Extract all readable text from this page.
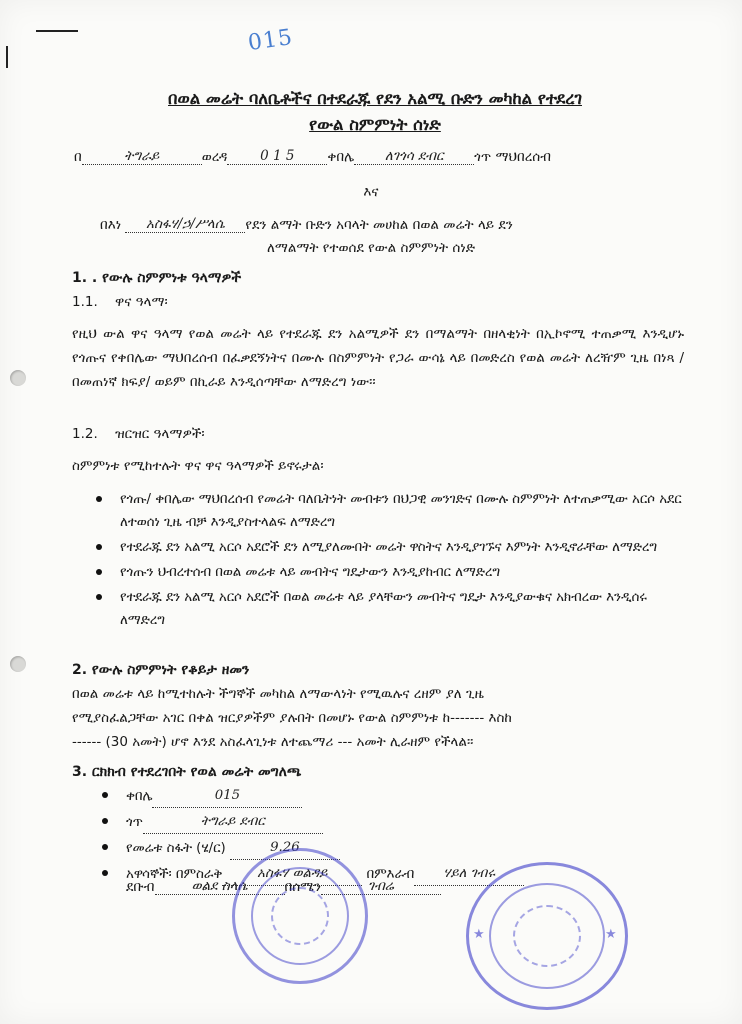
015
በወል መሬት ባለቤቶችና በተደራጁ የደን አልሚ ቡድን መካከል የተደረገ
የውል ስምምነት ሰነድ
በ	ትግራይ	ወረዳ 0 1 5 ቀበሌ ለገጎሳ ደብር ጎጥ ማህበረሰብ
እና
በእነ አስፋሃ/ኃ/ሥላሴ የደን ልማት ቡድን አባላት መሀከል በወል መሬት ላይ ደን
ለማልማት የተወሰደ የውል ስምምነት ሰነድ
1. . የውሉ ስምምነቱ ዓላማዎች
1.1. ዋና ዓላማ፡
የዚህ ውል ዋና ዓላማ የወል መሬት ላይ የተደራጁ ደን አልሚዎች ደን በማልማት በዘላቂነት በኢኮኖሚ ተጠቃሚ እንዲሆኑ የጎጡና የቀበሌው ማህበረሰብ በፈቃደኝነትና በሙሉ በስምምነት የጋራ ውሳኔ ላይ በመድረስ የወል መሬት ለረዥም ጊዜ በነጻ /በመጠነኛ ክፍያ/ ወይም በኪራይ እንዲሰጣቸው ለማድረግ ነው፡፡
1.2. ዝርዝር ዓላማዎች፡
ስምምነቱ የሚከተሉት ዋና ዋና ዓላማዎች ይኖሩታል፡
የጎጡ/ ቀበሌው ማህበረሰብ የመሬት ባለቤትነት መብቱን በህጋዊ መንገድና በሙሉ ስምምነት ለተጠቃሚው አርሶ አደር ለተወሰነ ጊዜ ብቻ እንዲያስተላልፍ ለማድረግ
የተደራጁ ደን አልሚ አርሶ አደሮች ደን ለሚያለሙበት መሬት ዋስትና እንዲያገኙና እምነት እንዲኖራቸው ለማድረግ
የጎጡን ህብረተሰብ በወል መሬቱ ላይ መብትና ግዴታውን እንዲያከብር ለማድረግ
የተደራጁ ደን አልሚ አርሶ አደሮች በወል መሬቱ ላይ ያላቸውን መብትና ግዴታ እንዲያውቁና አክብረው እንዲሰሩ ለማድረግ
2. የውሉ ስምምነት የቆይታ ዘመን
በወል መሬቱ ላይ ከሚተከሉት ችግኞች መካከል ለማውላነት የሚዉሉና ረዘም ያለ ጊዜ
የሚያስፈልጋቸው አገር በቀል ዝርያዎችም ያሉበት በመሆኑ የውል ስምምነቱ ከ------- እስከ
------ (30 አመት) ሆኖ እንደ አስፈላጊነቱ ለተጨማሪ --- አመት ሊራዘም የችላል፡፡
3. ርክክብ የተደረገበት የወል መሬት መግለጫ
ቀበሌ	015
ጎጥ	ትግራይ ደብር
የመሬቱ ስፋት (ሄ/ር)	9.26
አዋሳኞች፡ በምስራቅ	አስፋሃ ወልዳይ	በምእራብ ሃይለ ገብሩ
ደቡብ	ወልደ ስላሴ	በሰሜን	ገብሬ
★	★
